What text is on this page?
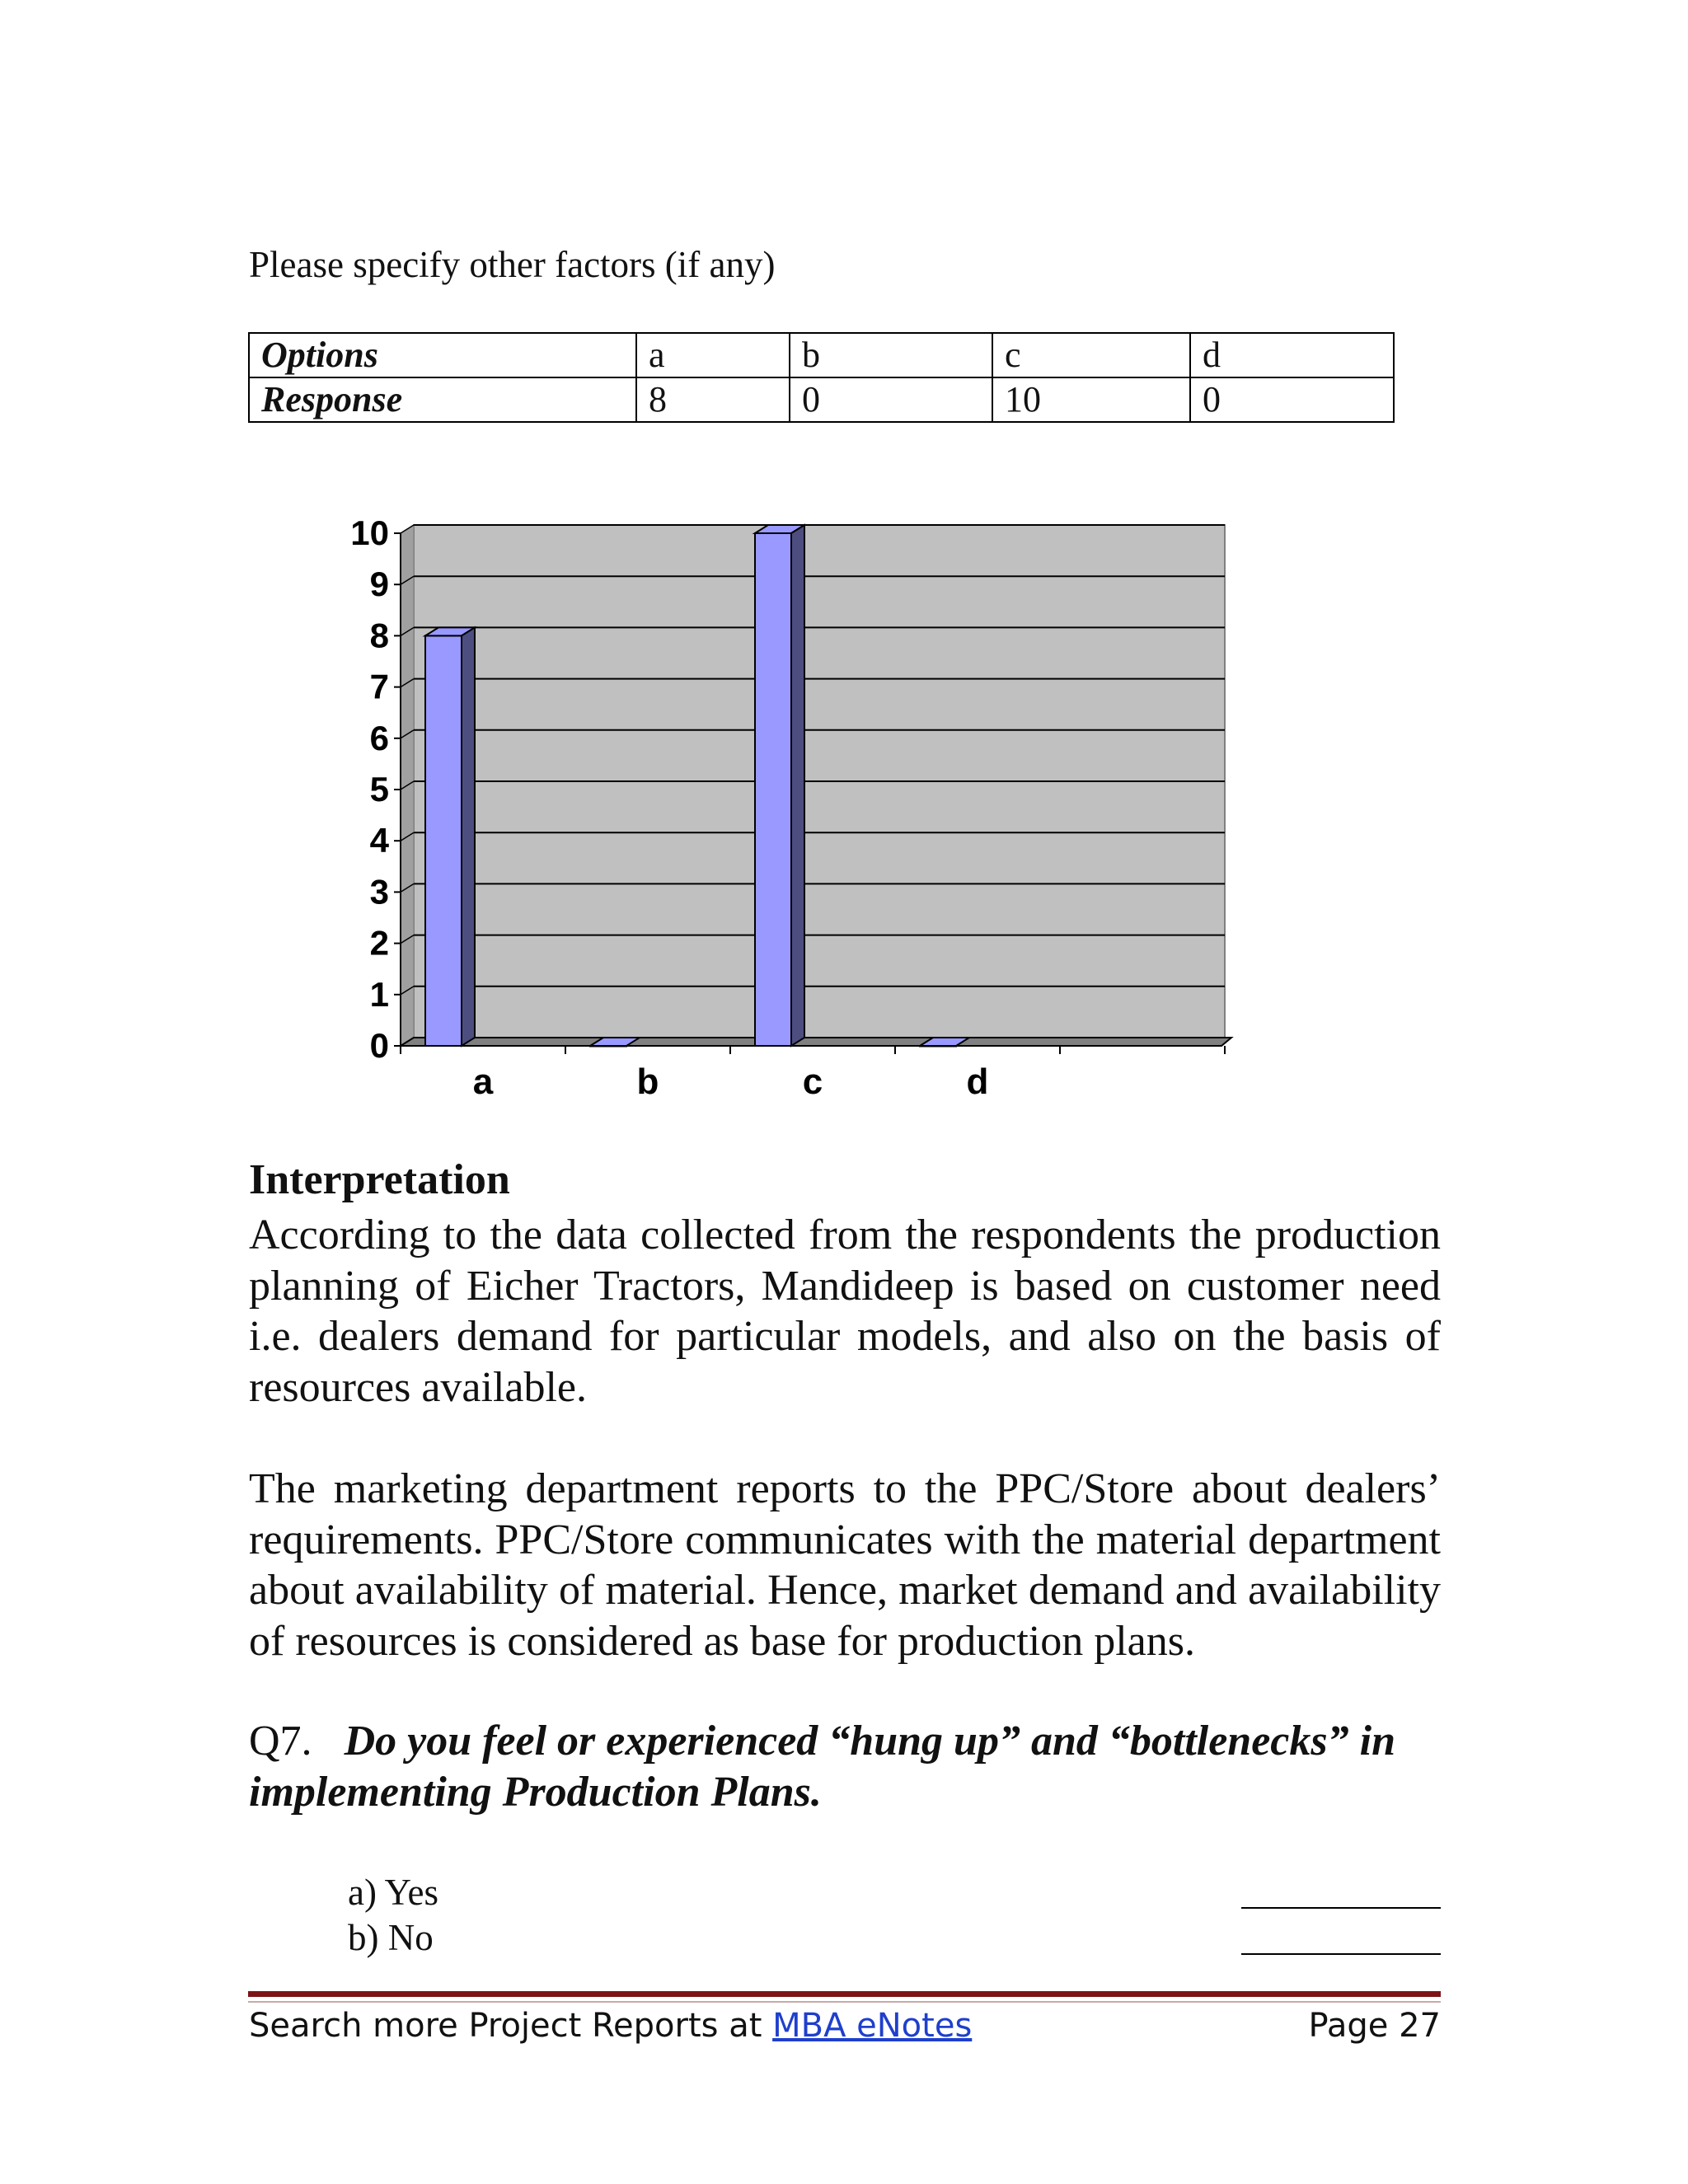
Please specify other factors (if any)
Options	a	b	c	d
Response	8	0	10	0
0
1
2
3
4
5
6
7
8
9
10
a	b	c	d
Interpretation
According to the data collected from the respondents the production planning of Eicher Tractors, Mandideep is based on customer need i.e. dealers demand for particular models, and also on the basis of resources available.
The marketing department reports to the PPC/Store about dealers’ requirements. PPC/Store communicates with the material department about availability of material. Hence, market demand and availability of resources is considered as base for production plans.
Q7. Do you feel or experienced “hung up” and “bottlenecks” in implementing Production Plans.
a) Yes
b) No
Search more Project Reports at MBA eNotes	Page 27
